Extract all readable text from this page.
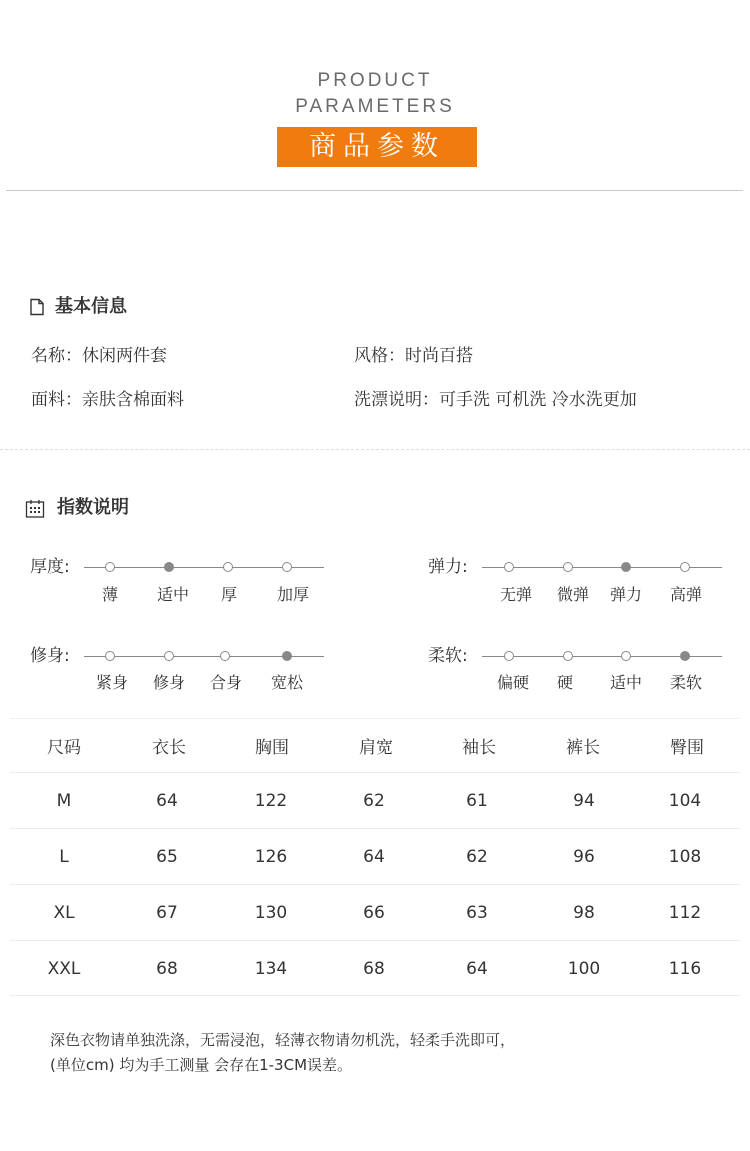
PRODUCT
PARAMETERS
商品参数
基本信息
名称：休闲两件套	风格：时尚百搭
面料：亲肤含棉面料	洗漂说明：可手洗 可机洗 冷水洗更加
指数说明
厚度:
薄	适中	厚	加厚
弹力:
无弹	微弹	弹力	高弹
修身:
紧身	修身	合身	宽松
柔软:
偏硬	硬	适中	柔软
尺码	衣长	胸围	肩宽	袖长	裤长	臀围
M	64	122	62	61	94	104
L	65	126	64	62	96	108
XL	67	130	66	63	98	112
XXL	68	134	68	64	100	116
深色衣物请单独洗涤，无需浸泡，轻薄衣物请勿机洗，轻柔手洗即可，
(单位cm) 均为手工测量 会存在1-3CM误差。
